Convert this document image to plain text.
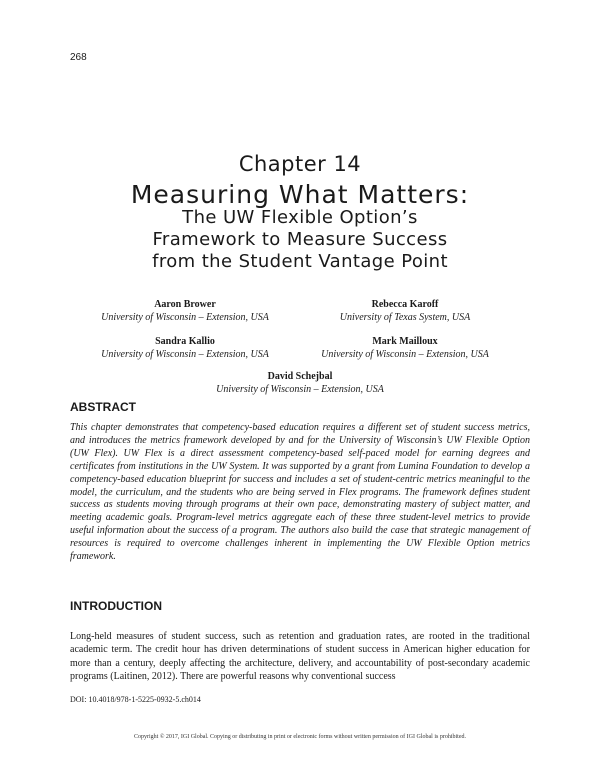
268
Chapter 14
Measuring What Matters:
The UW Flexible Option’s
Framework to Measure Success
from the Student Vantage Point
Aaron Brower
University of Wisconsin – Extension, USA
Rebecca Karoff
University of Texas System, USA
Sandra Kallio
University of Wisconsin – Extension, USA
Mark Mailloux
University of Wisconsin – Extension, USA
David Schejbal
University of Wisconsin – Extension, USA
ABSTRACT
This chapter demonstrates that competency-based education requires a different set of student success metrics, and introduces the metrics framework developed by and for the University of Wisconsin’s UW Flexible Option (UW Flex). UW Flex is a direct assessment competency-based self-paced model for earning degrees and certificates from institutions in the UW System. It was supported by a grant from Lumina Foundation to develop a competency-based education blueprint for success and includes a set of student-centric metrics meaningful to the model, the curriculum, and the students who are being served in Flex programs. The framework defines student success as students moving through programs at their own pace, demonstrating mastery of subject matter, and meeting academic goals. Program-level metrics aggregate each of these three student-level metrics to provide useful information about the success of a program. The authors also build the case that strategic management of resources is required to overcome challenges inherent in implementing the UW Flexible Option metrics framework.
INTRODUCTION
Long-held measures of student success, such as retention and graduation rates, are rooted in the traditional academic term. The credit hour has driven determinations of student success in American higher education for more than a century, deeply affecting the architecture, delivery, and accountability of post-secondary academic programs (Laitinen, 2012). There are powerful reasons why conventional success
DOI: 10.4018/978-1-5225-0932-5.ch014
Copyright © 2017, IGI Global. Copying or distributing in print or electronic forms without written permission of IGI Global is prohibited.
